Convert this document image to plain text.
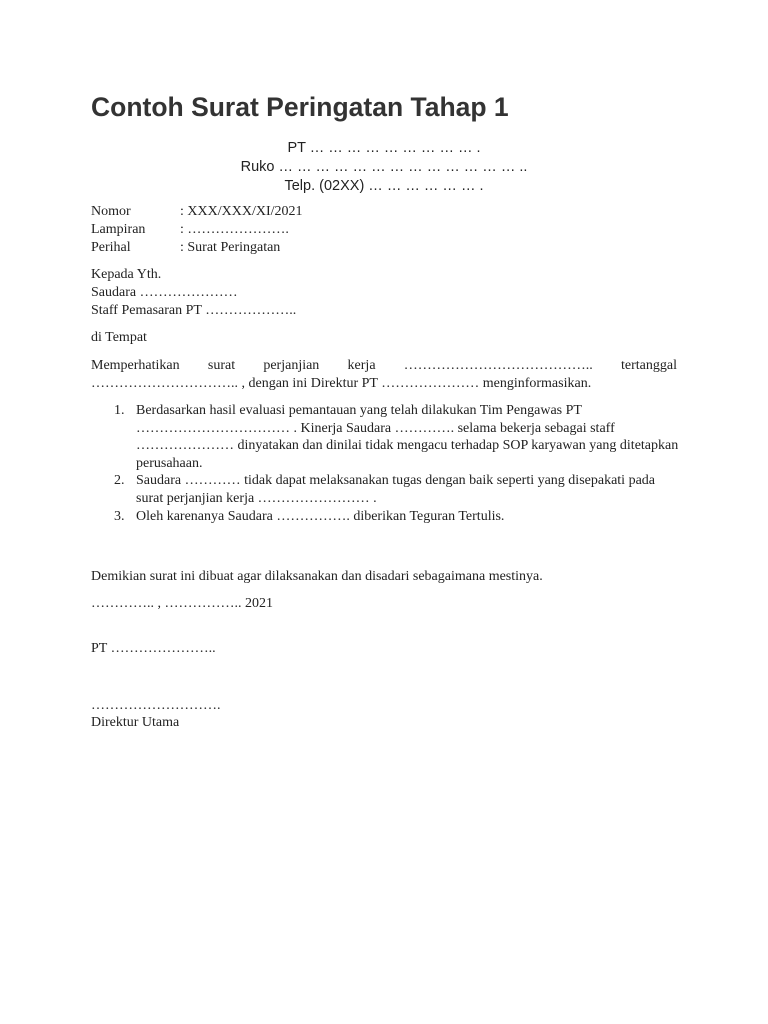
Contoh Surat Peringatan Tahap 1
PT … … … … … … … … … .
Ruko … … … … … … … … … … … … … ..
Telp. (02XX) … … … … … … .
Nomor	: XXX/XXX/XI/2021
Lampiran	: ………………….
Perihal	: Surat Peringatan
Kepada Yth.
Saudara …………………
Staff Pemasaran PT ………………..
di Tempat
Memperhatikan surat perjanjian kerja ………………………………….. tertanggal ………………………….. , dengan ini Direktur PT ………………… menginformasikan.
1. Berdasarkan hasil evaluasi pemantauan yang telah dilakukan Tim Pengawas PT …………………………… . Kinerja Saudara …………. selama bekerja sebagai staff ………………… dinyatakan dan dinilai tidak mengacu terhadap SOP karyawan yang ditetapkan perusahaan.
2. Saudara ………… tidak dapat melaksanakan tugas dengan baik seperti yang disepakati pada surat perjanjian kerja …………………… .
3. Oleh karenanya Saudara ……………. diberikan Teguran Tertulis.
Demikian surat ini dibuat agar dilaksanakan dan disadari sebagaimana mestinya.
………….. , …………….. 2021
PT …………………..
……………………….
Direktur Utama
